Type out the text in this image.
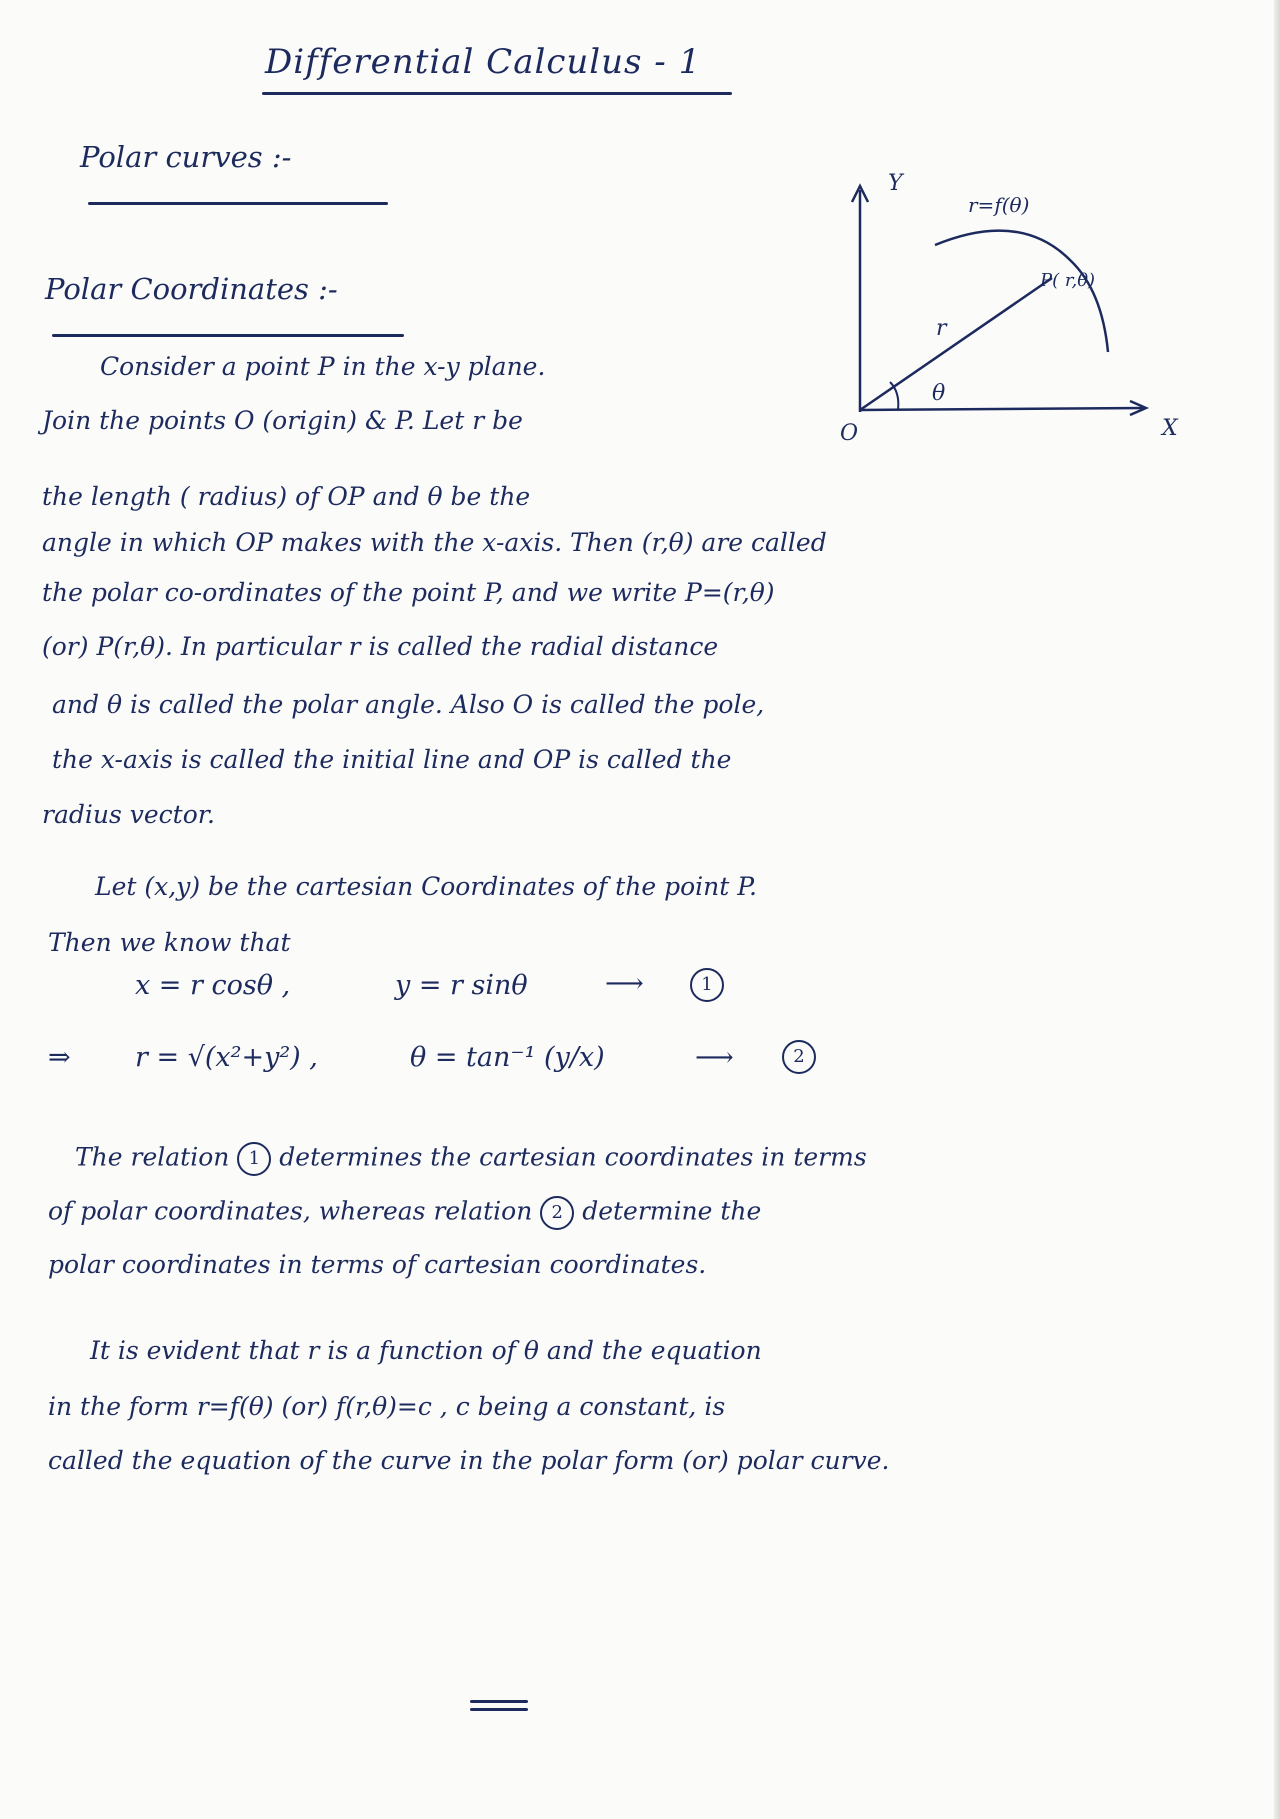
Differential Calculus - 1
Polar curves :-
Polar Coordinates :-
Y
X
O
r=f(θ)
P( r,θ)
r
θ
Consider a point P in the x-y plane.
Join the points O (origin) & P. Let r be
the length ( radius) of OP and θ be the
angle in which OP makes with the x-axis. Then (r,θ) are called
the polar co-ordinates of the point P, and we write P=(r,θ)
(or) P(r,θ). In particular r is called the radial distance
and θ is called the polar angle. Also O is called the pole,
the x-axis is called the initial line and OP is called the
radius vector.
Let (x,y) be the cartesian Coordinates of the point P.
Then we know that
x = r cosθ ,	y = r sinθ	⟶	1
⇒ r = √(x²+y²) ,	θ = tan⁻¹ (y/x)	⟶	2
The relation 1 determines the cartesian coordinates in terms
of polar coordinates, whereas relation 2 determine the
polar coordinates in terms of cartesian coordinates.
It is evident that r is a function of θ and the equation
in the form r=f(θ) (or) f(r,θ)=c , c being a constant, is
called the equation of the curve in the polar form (or) polar curve.
